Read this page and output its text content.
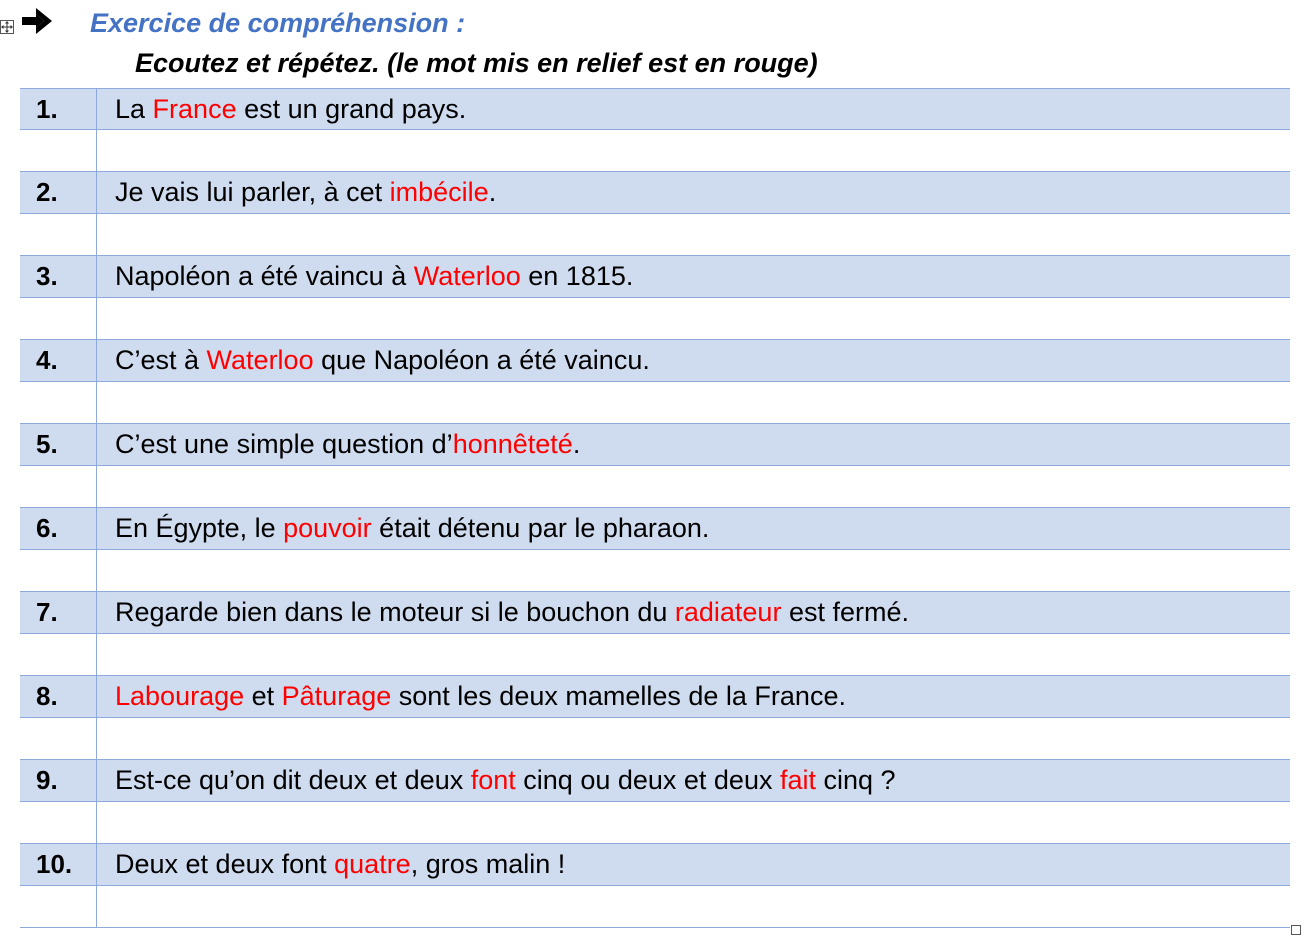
Exercice de compréhension :
Ecoutez et répétez. (le mot mis en relief est en rouge)
1.	La France est un grand pays.
2.	Je vais lui parler, à cet imbécile.
3.	Napoléon a été vaincu à Waterloo en 1815.
4.	C’est à Waterloo que Napoléon a été vaincu.
5.	C’est une simple question d’honnêteté.
6.	En Égypte, le pouvoir était détenu par le pharaon.
7.	Regarde bien dans le moteur si le bouchon du radiateur est fermé.
8.	Labourage et Pâturage sont les deux mamelles de la France.
9.	Est-ce qu’on dit deux et deux font cinq ou deux et deux fait cinq ?
10.	Deux et deux font quatre, gros malin !
